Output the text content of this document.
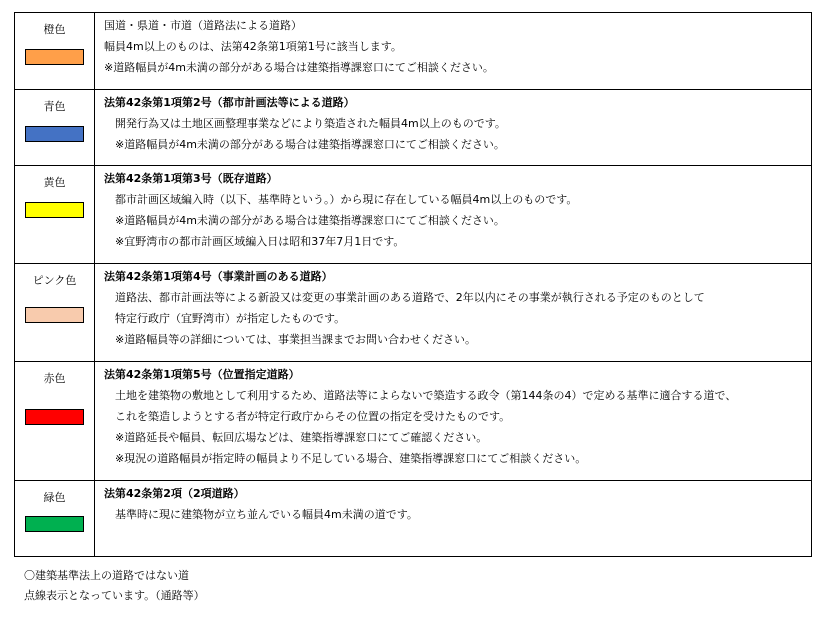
橙色	国道・県道・市道（道路法による道路）
幅員4m以上のものは、法第42条第1項第1号に該当します。
※道路幅員が4m未満の部分がある場合は建築指導課窓口にてご相談ください。

青色	法第42条第1項第2号（都市計画法等による道路）
　開発行為又は土地区画整理事業などにより築造された幅員4m以上のものです。
　※道路幅員が4m未満の部分がある場合は建築指導課窓口にてご相談ください。

黄色	法第42条第1項第3号（既存道路）
　都市計画区域編入時（以下、基準時という。）から現に存在している幅員4m以上のものです。
　※道路幅員が4m未満の部分がある場合は建築指導課窓口にてご相談ください。
　※宜野湾市の都市計画区域編入日は昭和37年7月1日です。

ピンク色	法第42条第1項第4号（事業計画のある道路）
　道路法、都市計画法等による新設又は変更の事業計画のある道路で、2年以内にその事業が執行される予定のものとして
　特定行政庁（宜野湾市）が指定したものです。
　※道路幅員等の詳細については、事業担当課までお問い合わせください。

赤色	法第42条第1項第5号（位置指定道路）
　土地を建築物の敷地として利用するため、道路法等によらないで築造する政令（第144条の4）で定める基準に適合する道で、
　これを築造しようとする者が特定行政庁からその位置の指定を受けたものです。
　※道路延長や幅員、転回広場などは、建築指導課窓口にてご確認ください。
　※現況の道路幅員が指定時の幅員より不足している場合、建築指導課窓口にてご相談ください。

緑色	法第42条第2項（2項道路）
　基準時に現に建築物が立ち並んでいる幅員4m未満の道です。
〇建築基準法上の道路ではない道
点線表示となっています。（通路等）
